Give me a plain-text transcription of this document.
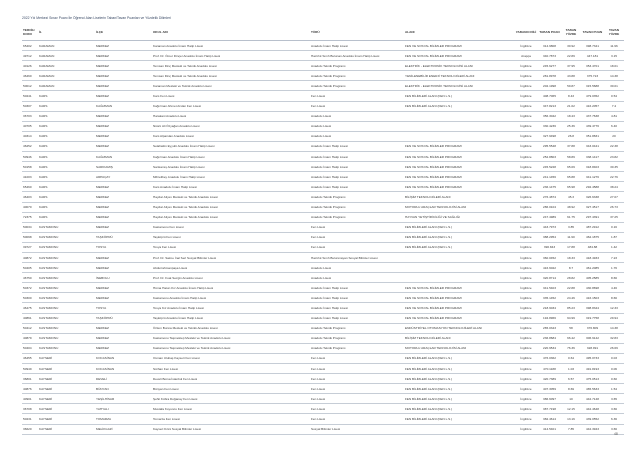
2022 Yılı Merkezi Sınav Puanı İle Öğrenci Alan Liselerin Taban/Tavan Puanları ve Yüzdelik Dilimleri
TERCİH KODU	İL	İLÇE	OKUL ADI	TÜRÜ	ALANI	YABANCI DİLİ	TABAN PUAN	TABAN YÜZDE	TAVAN PUAN	TAVAN YÜZDE
65402	KARAMAN	MERKEZ	Karaman Anadolu İmam Hatip Lisesi	Anadolu İmam Hatip Lisesi	FEN VE SOSYAL BİLİMLER PROGRAMI	İngilizce	314.9808	30.92	398.7341	11.96
49712	KARAMAN	MERKEZ	Prof. Dr. Ömer Dinçer Anadolu İmam Hatip Lisesi	Hazırlık Sınıfı Bulunan Anadolu İmam Hatip Lisesi	FEN VE SOSYAL BİLİMLER PROGRAMI	Arapça	340.7873	22.89	447.181	3.15
40126	KARAMAN	MERKEZ	Temsan Dinç Mesleki ve Teknik Anadolu Lisesi	Anadolu Teknik Programı	ELEKTRİK - ELEKTRONİK TEKNOLOJİSİ ALANI	İngilizce	245.6277	37.95	353.4701	18.01
46460	KARAMAN	MERKEZ	Temsan Dinç Mesleki ve Teknik Anadolu Lisesi	Anadolu Teknik Programı	YENİLENEBİLİR ENERJİ TEKNOLOJİLERİ ALANI	İngilizce	281.8978	43.88	375.723	14.38
50012	KARAMAN	MERKEZ	Karaman Mesleki ve Teknik Anadolu Lisesi	Anadolu Teknik Programı	ELEKTRİK - ELEKTRONİK TEKNOLOJİSİ ALANI	İngilizce	202.1998	59.87	315.5688	30.01
50241	KARS	MERKEZ	Kars Fen Lisesi	Fen Lisesi	FEN BİLİMLERİ ALANI (FEN L.S.)	İngilizce	408.7065	8.43	479.0352	0.54
50307	KARS	KAĞIZMAN	Kağızman Ahmet Arslan Fen Lisesi	Fen Lisesi	FEN BİLİMLERİ ALANI (FEN L.S.)	İngilizce	347.8213	21.02	416.2057	7.4
36703	KARS	MERKEZ	Harakani Anadolu Lisesi	Anadolu Lisesi		İngilizce	356.3042	18.43	437.7638	4.81
40705	KARS	MERKEZ	Nüsrü Ali Özyağan Anadolu Lisesi	Anadolu Lisesi		İngilizce	330.4236	25.36	439.4776	6.40
40314	KARS	MERKEZ	Kars Alparslan Anadolu Lisesi	Anadolu Lisesi		İngilizce	327.9498	26.8	351.8831	20
46252	KARS	MERKEZ	Selahattin Eyyubi Anadolu İmam Hatip Lisesi	Anadolu İmam Hatip Lisesi	FEN VE SOSYAL BİLİMLER PROGRAMI	İngilizce	295.5548	37.88	343.0441	22.38
50946	KARS	KAĞIZMAN	Kağızman Anadolu İmam Hatip Lisesi	Anadolu İmam Hatip Lisesi	FEN VE SOSYAL BİLİMLER PROGRAMI	İngilizce	252.8803	58.89	338.1417	23.82
50158	KARS	SARIKAMIŞ	Sarıkamış Anadolu İmam Hatip Lisesi	Anadolu İmam Hatip Lisesi	FEN VE SOSYAL BİLİMLER PROGRAMI	İngilizce	245.5228	65.09	318.8403	30.35
41003	KARS	ARPAÇAY	Mihrelibey Anadolu İmam Hatip Lisesi	Anadolu İmam Hatip Lisesi	FEN VE SOSYAL BİLİMLER PROGRAMI	İngilizce	241.1456	65.88	341.1276	22.76
65460	KARS	MERKEZ	Kars Anadolu İmam Hatip Lisesi	Anadolu İmam Hatip Lisesi	FEN VE SOSYAL BİLİMLER PROGRAMI	İngilizce	236.1475	65.98	292.4588	38.24
46403	KARS	MERKEZ	Haydar Aliyev Mesleki ve Teknik Anadolu Lisesi	Anadolu Teknik Programı	BİLİŞİM TEKNOLOJİLERİ ALANI	İngilizce	276.4874	45.3	326.6338	27.07
40070	KARS	MERKEZ	Haydar Aliyev Mesleki ve Teknik Anadolu Lisesi	Anadolu Teknik Programı	MOTORLU ARAÇLAR TEKNOLOJİSİ ALANI	İngilizce	286.0104	48.92	327.4517	26.73
72375	KARS	MERKEZ	Haydar Aliyev Mesleki ve Teknik Anadolu Lisesi	Anadolu Teknik Programı	HAYVAN YETİŞTİRİCİLİĞİ VE SAĞLIĞI	İngilizce	247.4989	61.75	297.4391	37.25
50034	KASTAMONU	MERKEZ	Kastamonu Fen Lisesi	Fen Lisesi	FEN BİLİMLERİ ALANI (FEN L.S.)	İngilizce	443.7973	3.85	487.2912	0.16
50098	KASTAMONU	TAŞKÖPRÜ	Taşköprü Fen Lisesi	Fen Lisesi	FEN BİLİMLERİ ALANI (FEN L.S.)	İngilizce	388.2954	11.90	462.1875	1.87
39727	KASTAMONU	TOSYA	Tosya Fen Lisesi	Fen Lisesi	FEN BİLİMLERİ ALANI (FEN L.S.)	İngilizce	390.843	17.88	484.88	1.42
40872	KASTAMONU	MERKEZ	Prof. Dr. Saime İnal Seri Sosyal Bilimler Lisesi	Hazırlık Sınıfı Bulunmayan Sosyal Bilimler Lisesi		İngilizce	360.0452	18.33	418.4933	7.23
50405	KASTAMONU	MERKEZ	Abdurrahmanpaşa Lisesi	Anadolu Lisesi		İngilizce	416.6022	8.7	461.2085	1.76
46750	KASTAMONU	İNEBOLU	Prof. Dr. Fuat Sezgin Anadolu Lisesi	Anadolu Lisesi		İngilizce	320.8714	28.82	405.2585	8.66
50372	KASTAMONU	MERKEZ	Hüma Hatun Kız Anadolu İmam Hatip Lisesi	Anadolu İmam Hatip Lisesi	FEN VE SOSYAL BİLİMLER PROGRAMI	İngilizce	341.5403	22.88	430.8698	4.46
50300	KASTAMONU	MERKEZ	Kastamonu Anadolu İmam Hatip Lisesi	Anadolu İmam Hatip Lisesi	FEN VE SOSYAL BİLİMLER PROGRAMI	İngilizce	335.1452	24.46	416.1503	8.66
46475	KASTAMONU	TOSYA	Tosya Kız Anadolu İmam Hatip Lisesi	Anadolu İmam Hatip Lisesi	FEN VE SOSYAL BİLİMLER PROGRAMI	İngilizce	218.9034	85.23	398.8344	12.33
40861	KASTAMONU	TAŞKÖPRÜ	Taşköprü Anadolu İmam Hatip Lisesi	Anadolu İmam Hatip Lisesi	FEN VE SOSYAL BİLİMLER PROGRAMI	İngilizce	194.8966	94.99	319.7758	29.94
50412	KASTAMONU	MERKEZ	Özlem Bunna Mesleki ve Teknik Anadolu Lisesi	Anadolu Teknik Programı	ENDÜSTRİYEL OTOMASYON TEKNOLOJİLERİ ALANI	İngilizce	265.0343	58	376.809	14.38
40879	KASTAMONU	MERKEZ	Kastamonu Taşmektep Mesleki ve Teknik Anadolu Lisesi	Anadolu Teknik Programı	BİLİŞİM TEKNOLOJİLERİ ALANI	İngilizce	236.8684	66.42	306.9142	32.83
50404	KASTAMONU	MERKEZ	Kastamonu Taşmektep Mesleki ve Teknik Anadolu Lisesi	Anadolu Teknik Programı	MOTORLU ARAÇLAR TEKNOLOJİSİ ALANI	İngilizce	220.9534	76.36	328.991	26.69
46455	KAYSERİ	KOCASİNAN	Osman Ulubaş Kayseri Fen Lisesi	Fen Lisesi	FEN BİLİMLERİ ALANI (FEN L.S.)	İngilizce	476.0362	0.64	495.0733	0.03
50949	KAYSERİ	KOCASİNAN	Sürhan Fen Lisesi	Fen Lisesi	FEN BİLİMLERİ ALANI (FEN L.S.)	İngilizce	470.1188	1.03	491.8193	0.06
36801	KAYSERİ	DEVELİ	Develi Borsa İstanbul Fen Lisesi	Fen Lisesi	FEN BİLİMLERİ ALANI (FEN L.S.)	İngilizce	420.7389	6.57	475.0513	0.60
40876	KAYSERİ	BÜNYAN	Bünyan Fen Lisesi	Fen Lisesi	FEN BİLİMLERİ ALANI (FEN L.S.)	İngilizce	407.3059	8.69	465.5633	1.54
40901	KAYSERİ	YEŞİLHİSAR	Şehit Kübra Doğanay Fen Lisesi	Fen Lisesi	FEN BİLİMLERİ ALANI (FEN L.S.)	İngilizce	386.6097	10	442.7148	3.65
36708	KAYSERİ	YAHYALI	Mustafa Koyuncu Fen Lisesi	Fen Lisesi	FEN BİLİMLERİ ALANI (FEN L.S.)	İngilizce	387.7198	12.15	442.4648	3.66
50231	KAYSERİ	TOMARZA	Tomarza Fen Lisesi	Fen Lisesi	FEN BİLİMLERİ ALANI (FEN L.S.)	İngilizce	382.4614	13.16	439.0552	6.36
36620	KAYSERİ	MELİKGAZİ	Kayseri Kılıni Sosyal Bilimler Lisesi	Sosyal Bilimler Lisesi		İngilizce	414.5401	7.85	442.3943	3.66
48
